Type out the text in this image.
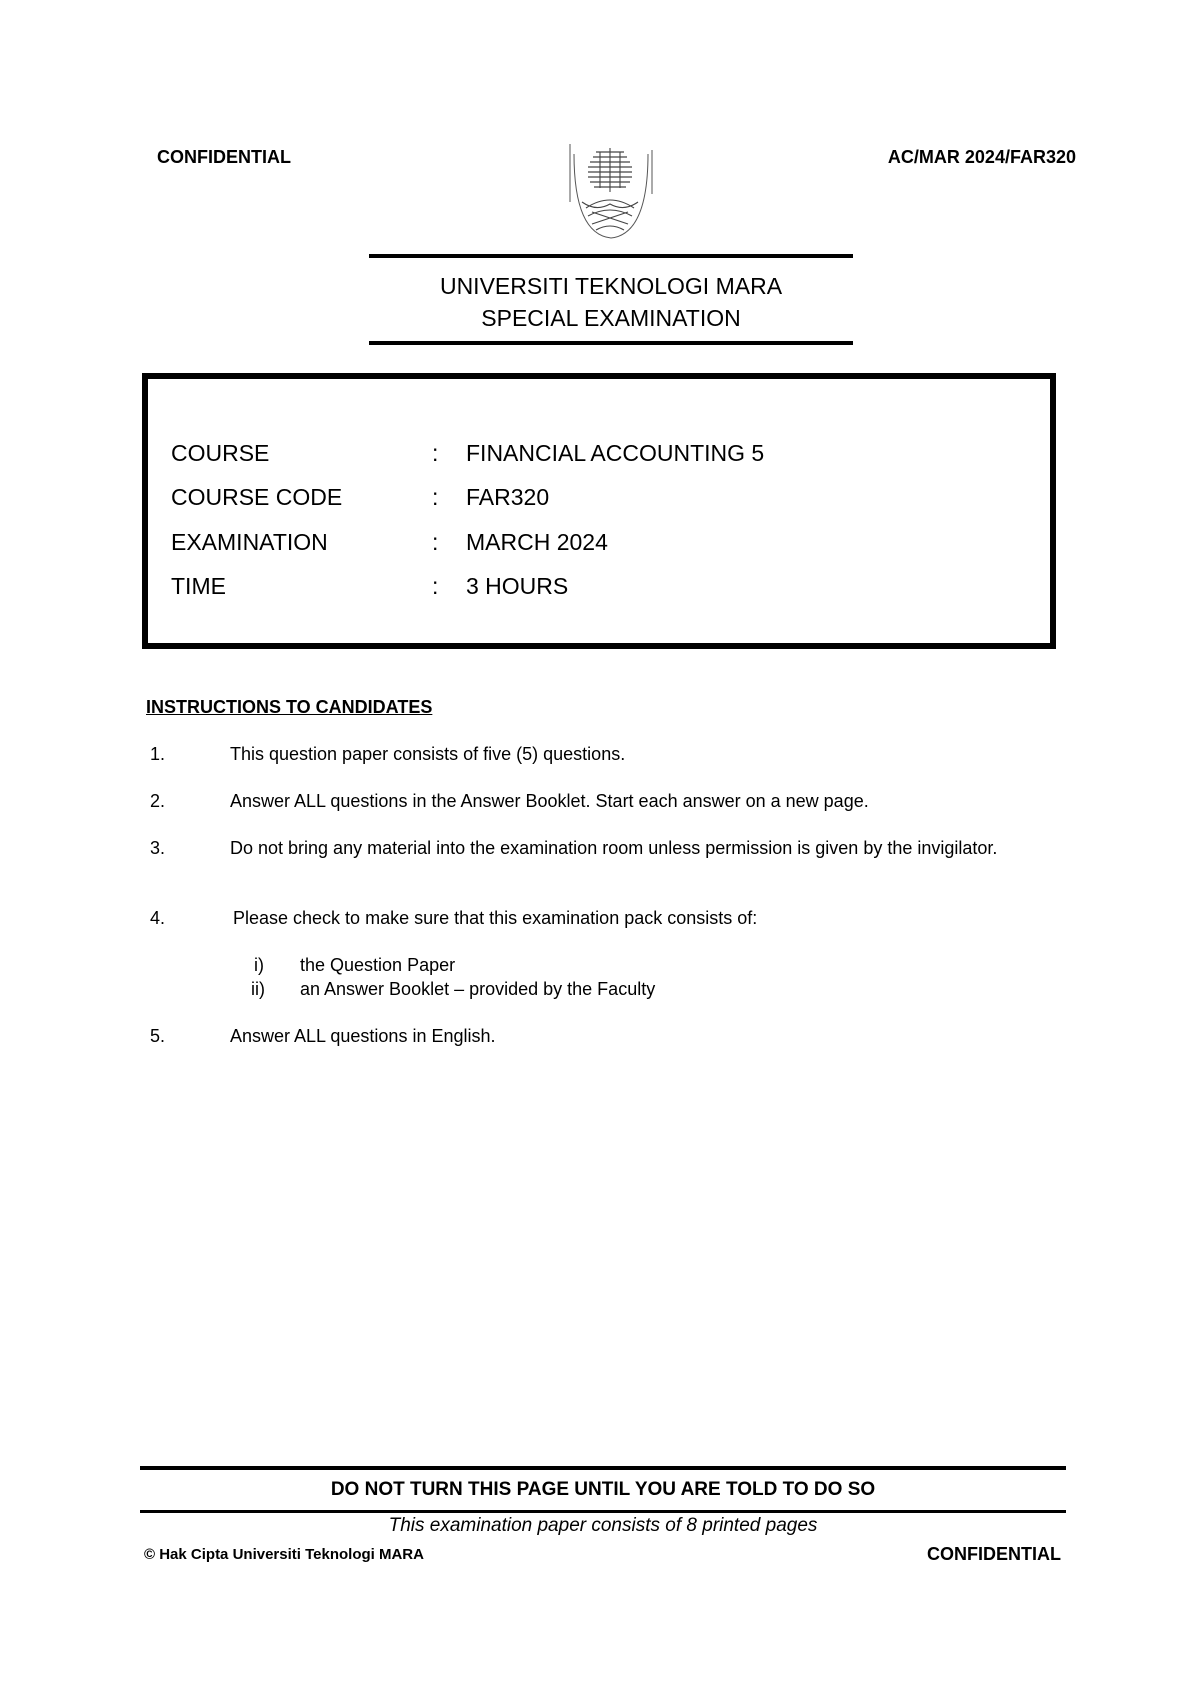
CONFIDENTIAL	AC/MAR 2024/FAR320
UNIVERSITI TEKNOLOGI MARA
SPECIAL EXAMINATION
COURSE	: FINANCIAL ACCOUNTING 5
COURSE CODE	: FAR320
EXAMINATION	: MARCH 2024
TIME	: 3 HOURS
INSTRUCTIONS TO CANDIDATES
1.	This question paper consists of five (5) questions.
2.	Answer ALL questions in the Answer Booklet. Start each answer on a new page.
3.	Do not bring any material into the examination room unless permission is given by the invigilator.
4.	Please check to make sure that this examination pack consists of:
i) the Question Paper
ii) an Answer Booklet – provided by the Faculty
5.	Answer ALL questions in English.
DO NOT TURN THIS PAGE UNTIL YOU ARE TOLD TO DO SO
This examination paper consists of 8 printed pages
© Hak Cipta Universiti Teknologi MARA	CONFIDENTIAL
